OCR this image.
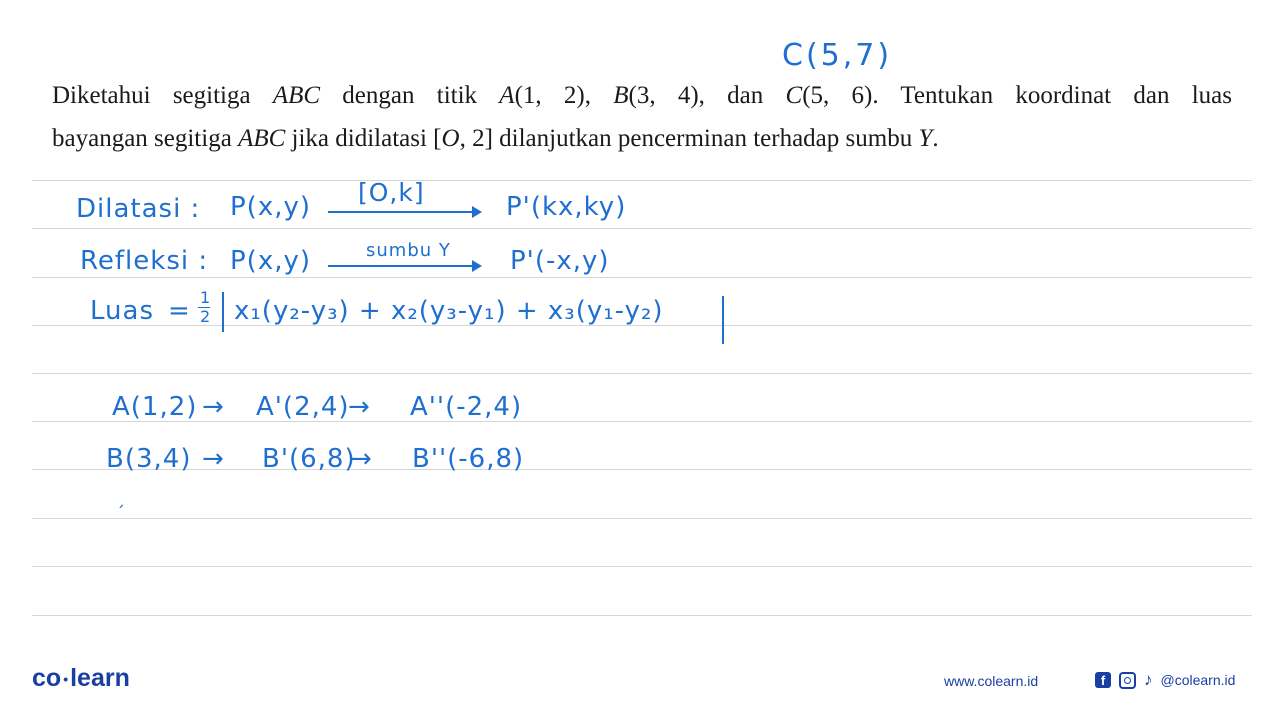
Diketahui segitiga ABC dengan titik A(1, 2), B(3, 4), dan C(5, 6). Tentukan koordinat dan luas
bayangan segitiga ABC jika didilatasi [O, 2] dilanjutkan pencerminan terhadap sumbu Y.
C(5,7)
Dilatasi : P(x,y) [O,k]	P'(kx,ky)
Refleksi : P(x,y)	sumbu Y P'(-x,y)
Luas = 1
2 x₁(y₂-y₃) + x₂(y₃-y₁) + x₃(y₁-y₂)
A(1,2) → A'(2,4)
→ A''(-2,4)
B(3,4) → B'(6,8)
→ B''(-6,8)
ˏ
co •learn	www.colearn.id	f	♪ @colearn.id
